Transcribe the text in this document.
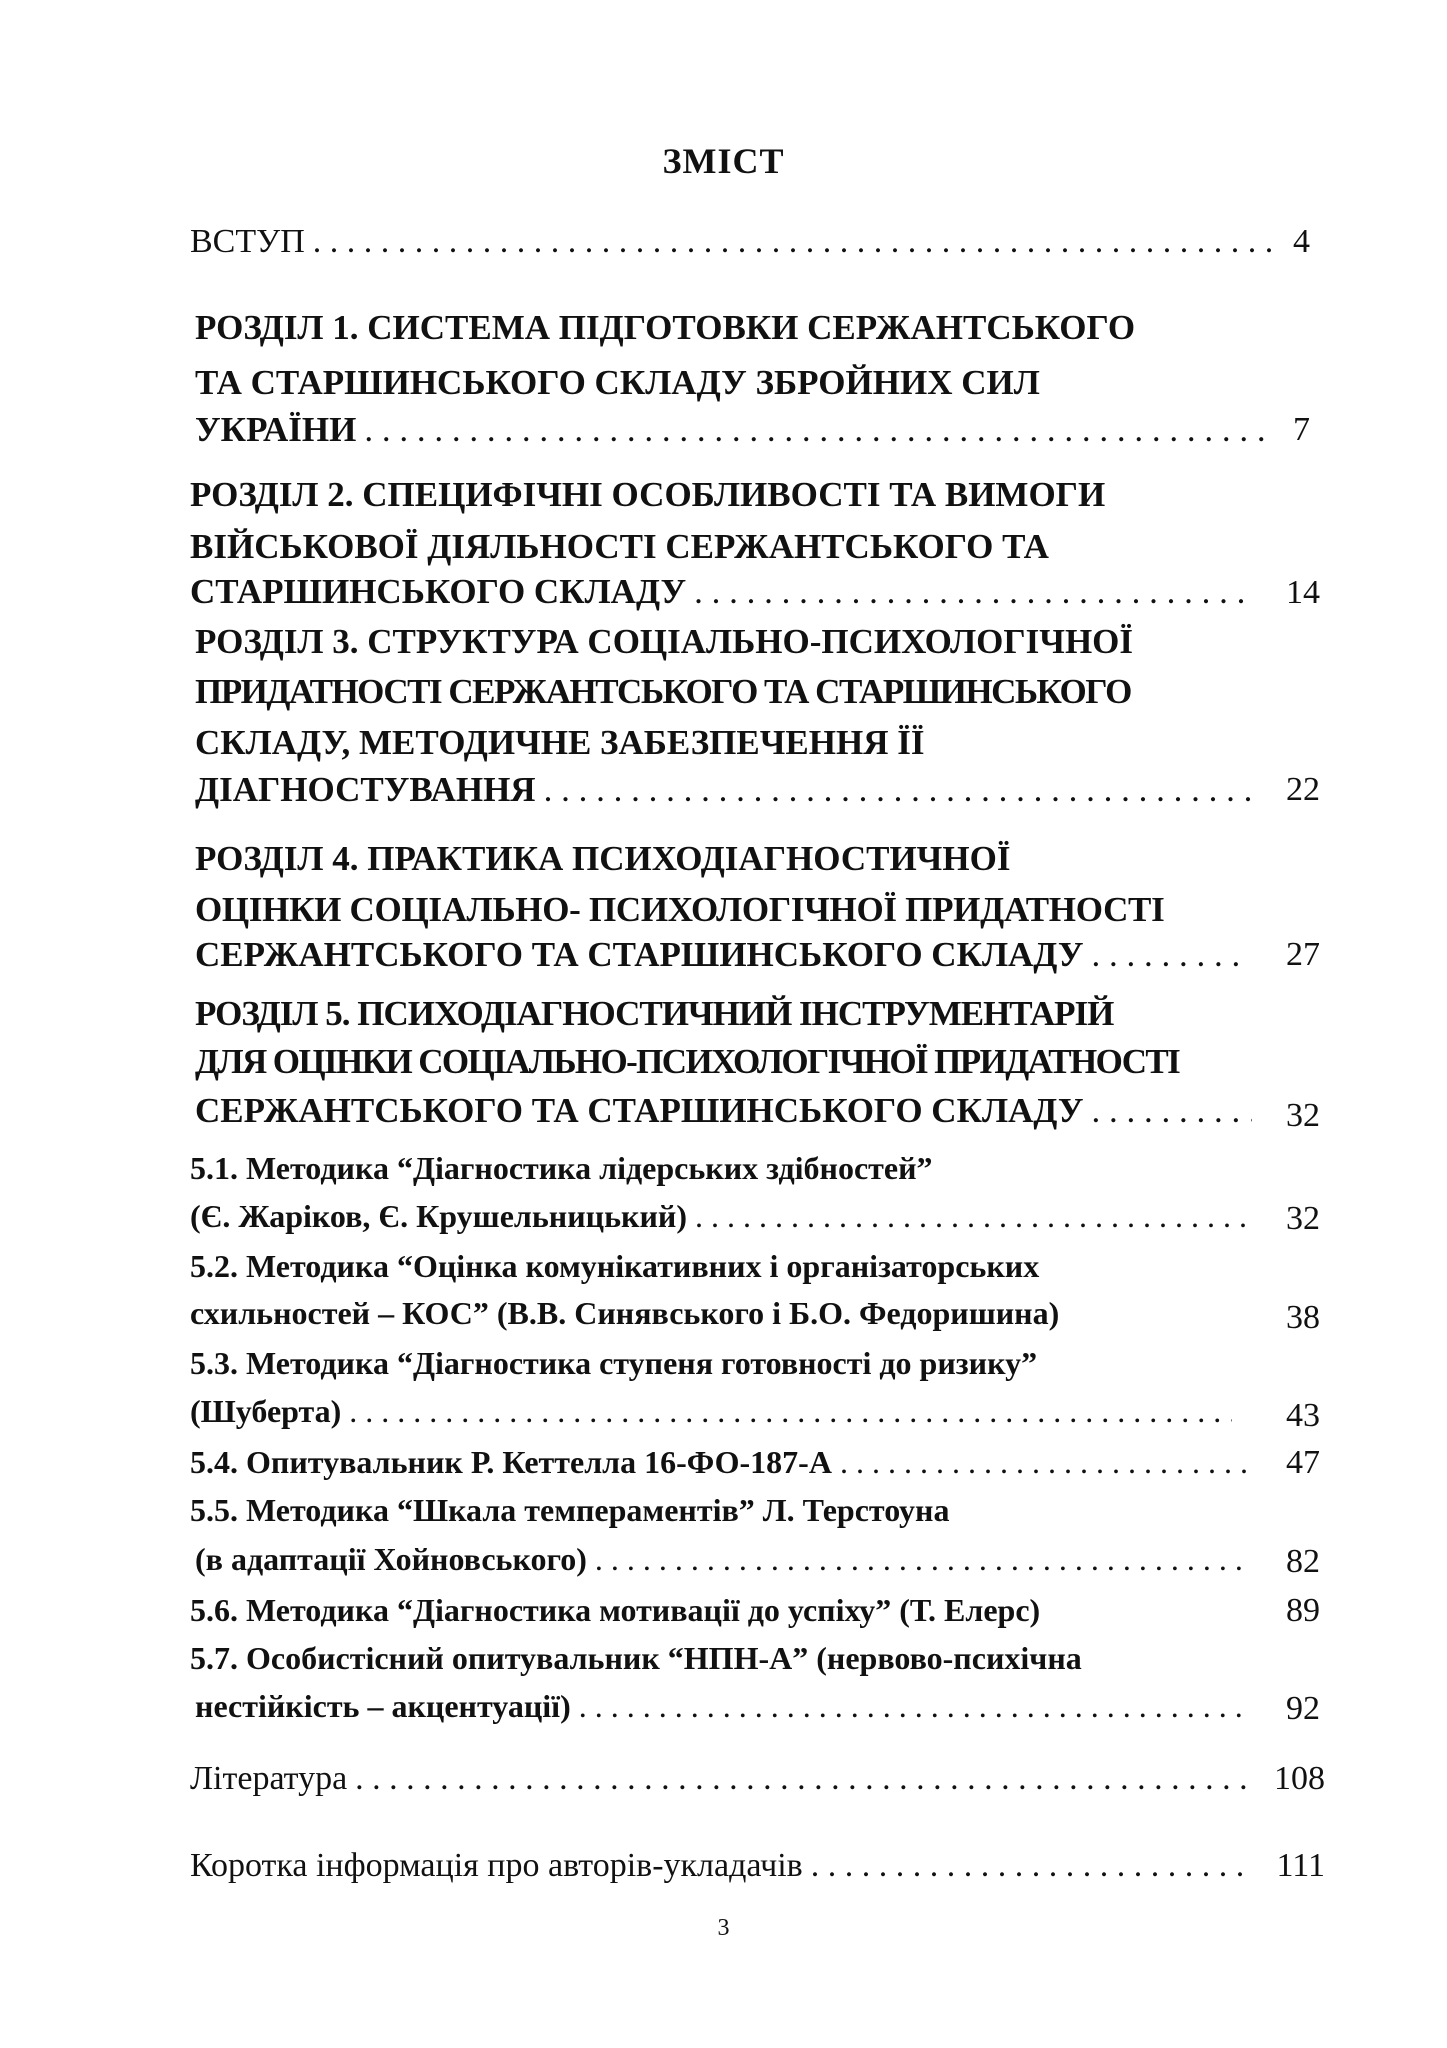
ЗМІСТ
ВСТУП . . .	4
РОЗДІЛ 1. СИСТЕМА ПІДГОТОВКИ СЕРЖАНТСЬКОГО
ТА СТАРШИНСЬКОГО СКЛАДУ ЗБРОЙНИХ СИЛ
УКРАЇНИ . . .	7
РОЗДІЛ 2. СПЕЦИФІЧНІ ОСОБЛИВОСТІ ТА ВИМОГИ
ВІЙСЬКОВОЇ ДІЯЛЬНОСТІ СЕРЖАНТСЬКОГО ТА
СТАРШИНСЬКОГО СКЛАДУ . . .	14
РОЗДІЛ 3. СТРУКТУРА СОЦІАЛЬНО-ПСИХОЛОГІЧНОЇ
ПРИДАТНОСТІ СЕРЖАНТСЬКОГО ТА СТАРШИНСЬКОГО
СКЛАДУ, МЕТОДИЧНЕ ЗАБЕЗПЕЧЕННЯ ЇЇ
ДІАГНОСТУВАННЯ . . .	22
РОЗДІЛ 4. ПРАКТИКА ПСИХОДІАГНОСТИЧНОЇ
ОЦІНКИ СОЦІАЛЬНО- ПСИХОЛОГІЧНОЇ ПРИДАТНОСТІ
СЕРЖАНТСЬКОГО ТА СТАРШИНСЬКОГО СКЛАДУ . . .	27
РОЗДІЛ 5. ПСИХОДІАГНОСТИЧНИЙ ІНСТРУМЕНТАРІЙ
ДЛЯ ОЦІНКИ СОЦІАЛЬНО-ПСИХОЛОГІЧНОЇ ПРИДАТНОСТІ
СЕРЖАНТСЬКОГО ТА СТАРШИНСЬКОГО СКЛАДУ . . .	32
5.1. Методика “Діагностика лідерських здібностей”
(Є. Жаріков, Є. Крушельницький) . . .	32
5.2. Методика “Оцінка комунікативних і організаторських
схильностей – КОС” (В.В. Синявського і Б.О. Федоришина)	38
5.3. Методика “Діагностика ступеня готовності до ризику”
(Шуберта) . . .	43
5.4. Опитувальник Р. Кеттелла 16-ФО-187-А . . .	47
5.5. Методика “Шкала темпераментів” Л. Терстоуна
(в адаптації Хойновського) . . .	82
5.6. Методика “Діагностика мотивації до успіху” (Т. Елерс)	89
5.7. Особистісний опитувальник “НПН-А” (нервово-психічна
нестійкість – акцентуації) . . .	92
Література . . .	108
Коротка інформація про авторів-укладачів . . .	111
3
